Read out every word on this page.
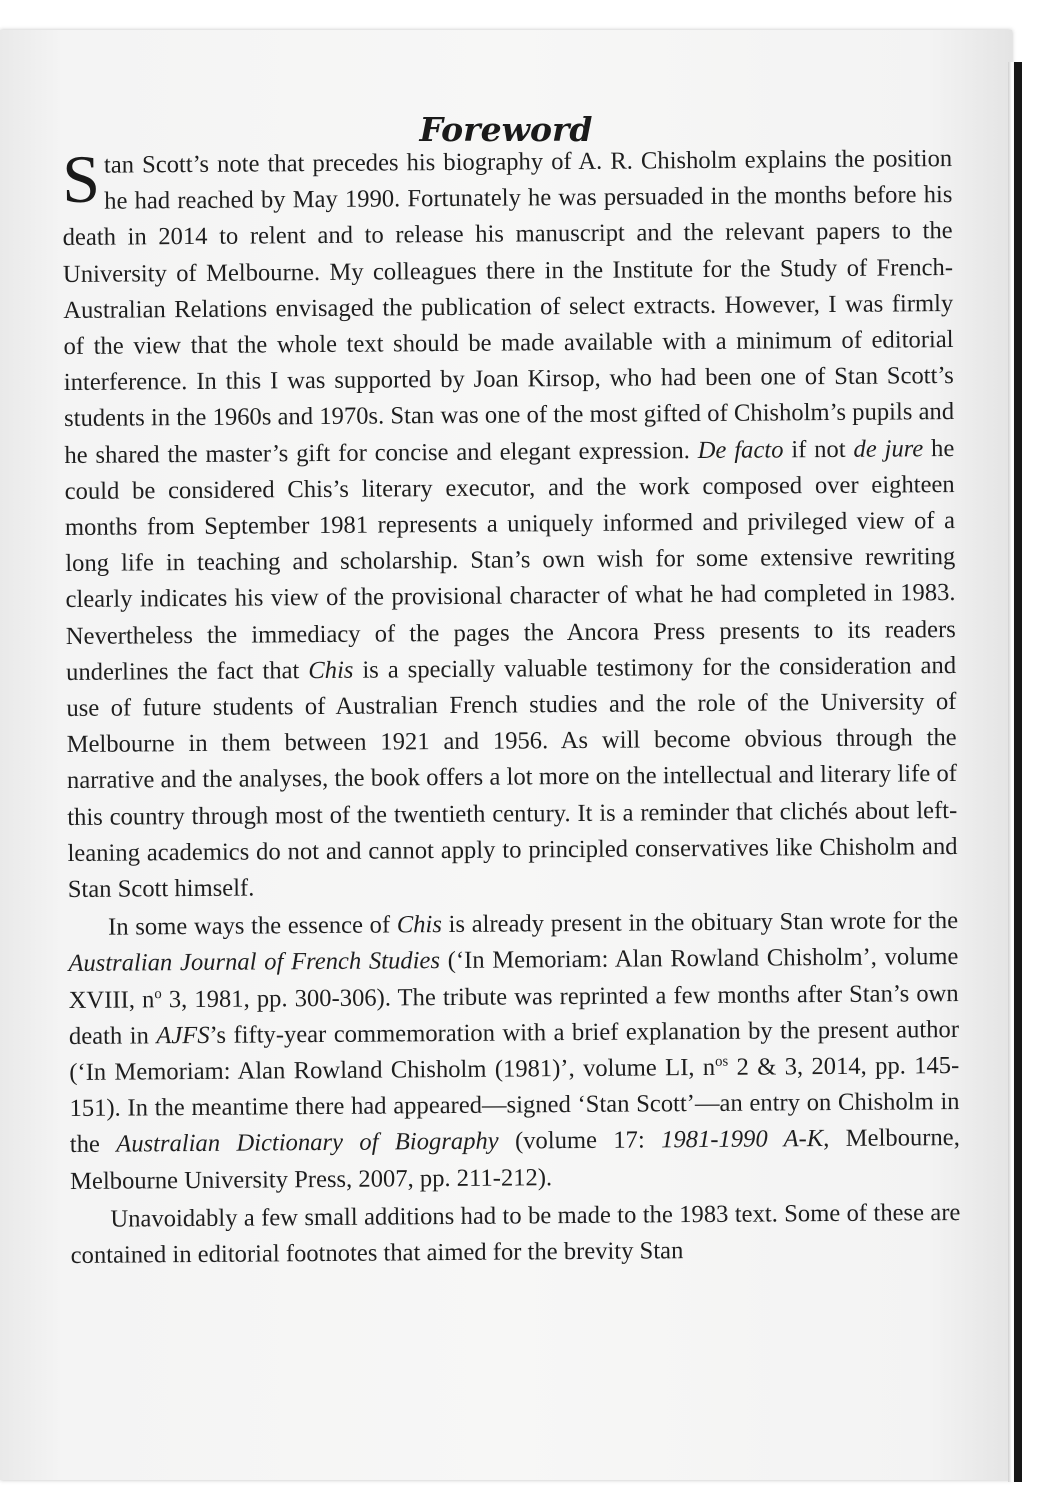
Foreword

Stan Scott’s note that precedes his biography of A. R. Chisholm explains the position he had reached by May 1990. Fortunately he was persuaded in the months before his death in 2014 to relent and to release his manuscript and the relevant papers to the University of Melbourne. My colleagues there in the Institute for the Study of French-Australian Relations envisaged the publication of select extracts. However, I was firmly of the view that the whole text should be made available with a minimum of editorial interference. In this I was supported by Joan Kirsop, who had been one of Stan Scott’s students in the 1960s and 1970s. Stan was one of the most gifted of Chisholm’s pupils and he shared the master’s gift for concise and elegant expression. De facto if not de jure he could be considered Chis’s literary executor, and the work composed over eighteen months from September 1981 represents a uniquely informed and privileged view of a long life in teaching and scholarship. Stan’s own wish for some extensive rewriting clearly indicates his view of the provisional character of what he had completed in 1983. Nevertheless the immediacy of the pages the Ancora Press presents to its readers underlines the fact that Chis is a specially valuable testimony for the consideration and use of future students of Australian French studies and the role of the University of Melbourne in them between 1921 and 1956. As will become obvious through the narrative and the analyses, the book offers a lot more on the intellectual and literary life of this country through most of the twentieth century. It is a reminder that clichés about left-leaning academics do not and cannot apply to principled conservatives like Chisholm and Stan Scott himself.

In some ways the essence of Chis is already present in the obituary Stan wrote for the Australian Journal of French Studies (‘In Memoriam: Alan Rowland Chisholm’, volume XVIII, $n^o$ 3, 1981, pp. 300-306). The tribute was reprinted a few months after Stan’s own death in AJFS’s fifty-year commemoration with a brief explanation by the present author (‘In Memoriam: Alan Rowland Chisholm (1981)’, volume LI, $n^{os}$ 2 & 3, 2014, pp. 145-151). In the meantime there had appeared—signed ‘Stan Scott’—an entry on Chisholm in the Australian Dictionary of Biography (volume 17: 1981-1990 A-K, Melbourne, Melbourne University Press, 2007, pp. 211-212).

Unavoidably a few small additions had to be made to the 1983 text. Some of these are contained in editorial footnotes that aimed for the brevity Stan
